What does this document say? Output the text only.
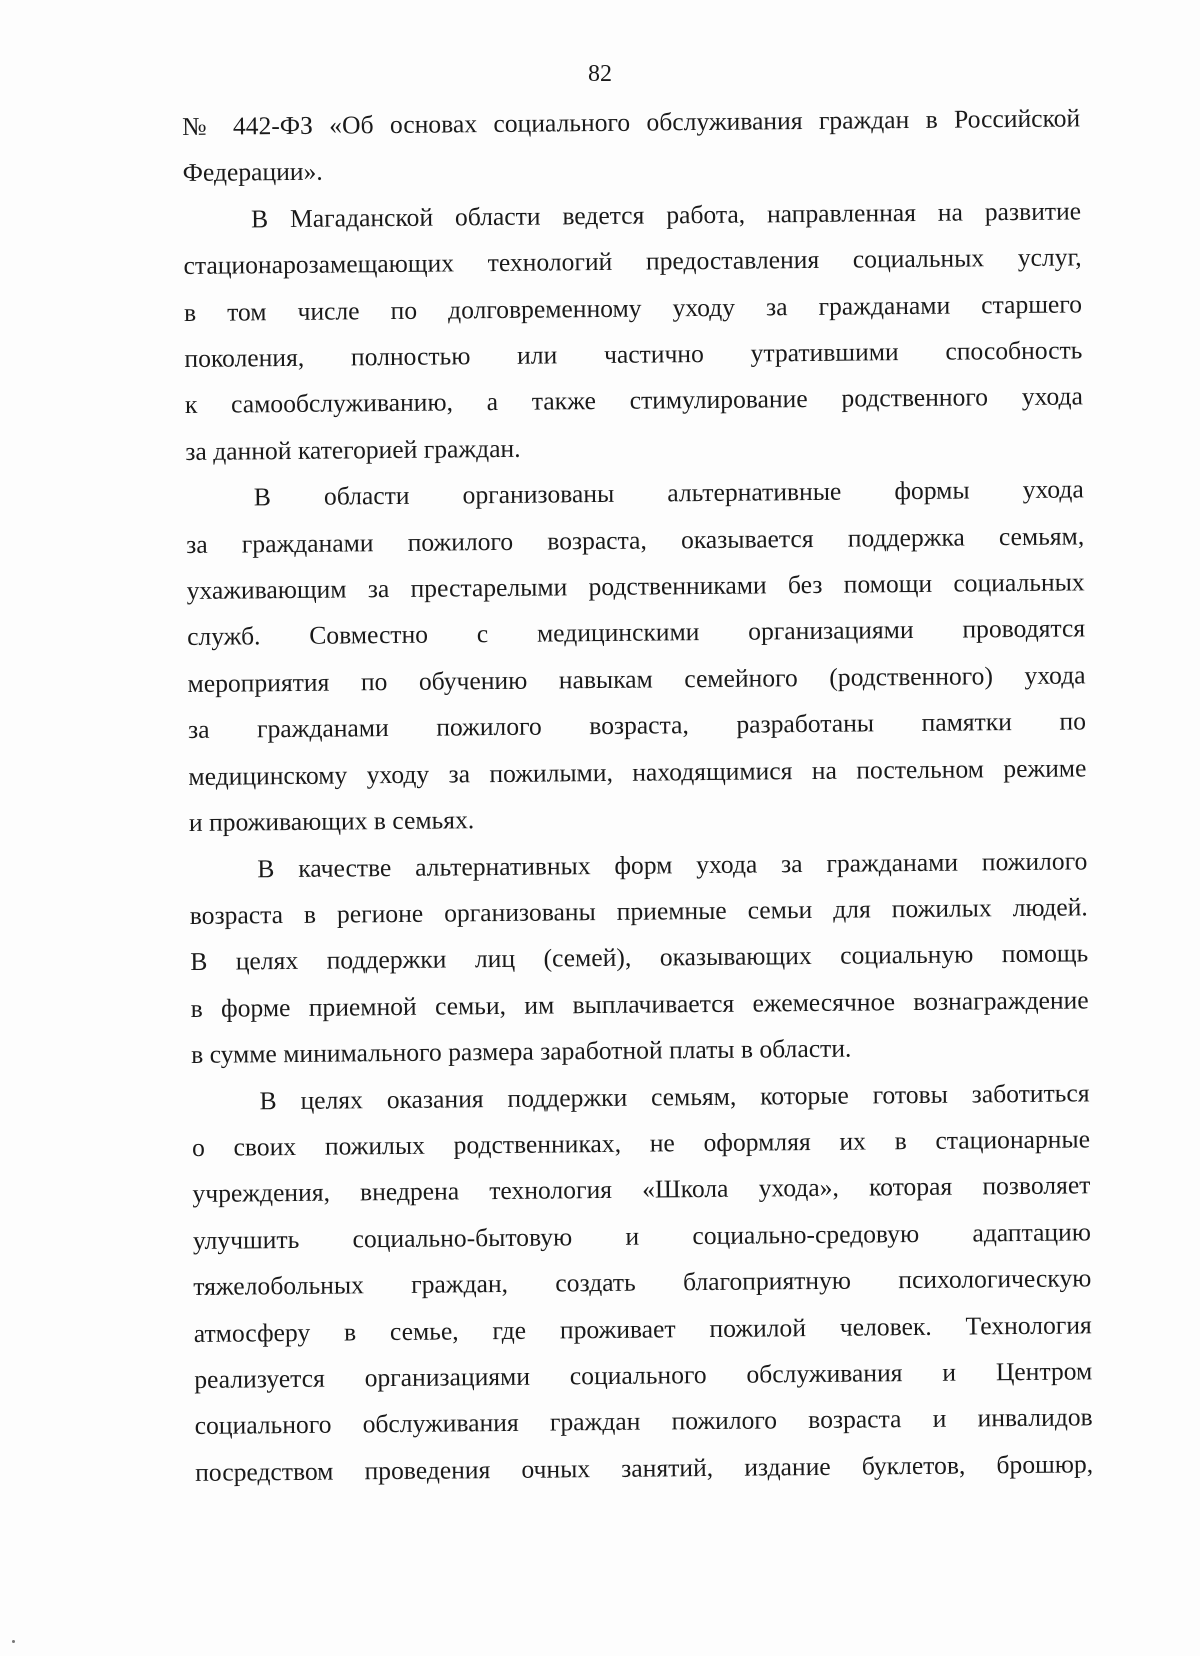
82
№ 442-ФЗ «Об основах социального обслуживания граждан в Российской
Федерации».
В Магаданской области ведется работа, направленная на развитие
стационарозамещающих технологий предоставления социальных услуг,
в том числе по долговременному уходу за гражданами старшего
поколения, полностью или частично утратившими способность
к самообслуживанию, а также стимулирование родственного ухода
за данной категорией граждан.
В области организованы альтернативные формы ухода
за гражданами пожилого возраста, оказывается поддержка семьям,
ухаживающим за престарелыми родственниками без помощи социальных
служб. Совместно с медицинскими организациями проводятся
мероприятия по обучению навыкам семейного (родственного) ухода
за гражданами пожилого возраста, разработаны памятки по
медицинскому уходу за пожилыми, находящимися на постельном режиме
и проживающих в семьях.
В качестве альтернативных форм ухода за гражданами пожилого
возраста в регионе организованы приемные семьи для пожилых людей.
В целях поддержки лиц (семей), оказывающих социальную помощь
в форме приемной семьи, им выплачивается ежемесячное вознаграждение
в сумме минимального размера заработной платы в области.
В целях оказания поддержки семьям, которые готовы заботиться
о своих пожилых родственниках, не оформляя их в стационарные
учреждения, внедрена технология «Школа ухода», которая позволяет
улучшить социально-бытовую и социально-средовую адаптацию
тяжелобольных граждан, создать благоприятную психологическую
атмосферу в семье, где проживает пожилой человек. Технология
реализуется организациями социального обслуживания и Центром
социального обслуживания граждан пожилого возраста и инвалидов
посредством проведения очных занятий, издание буклетов, брошюр,
